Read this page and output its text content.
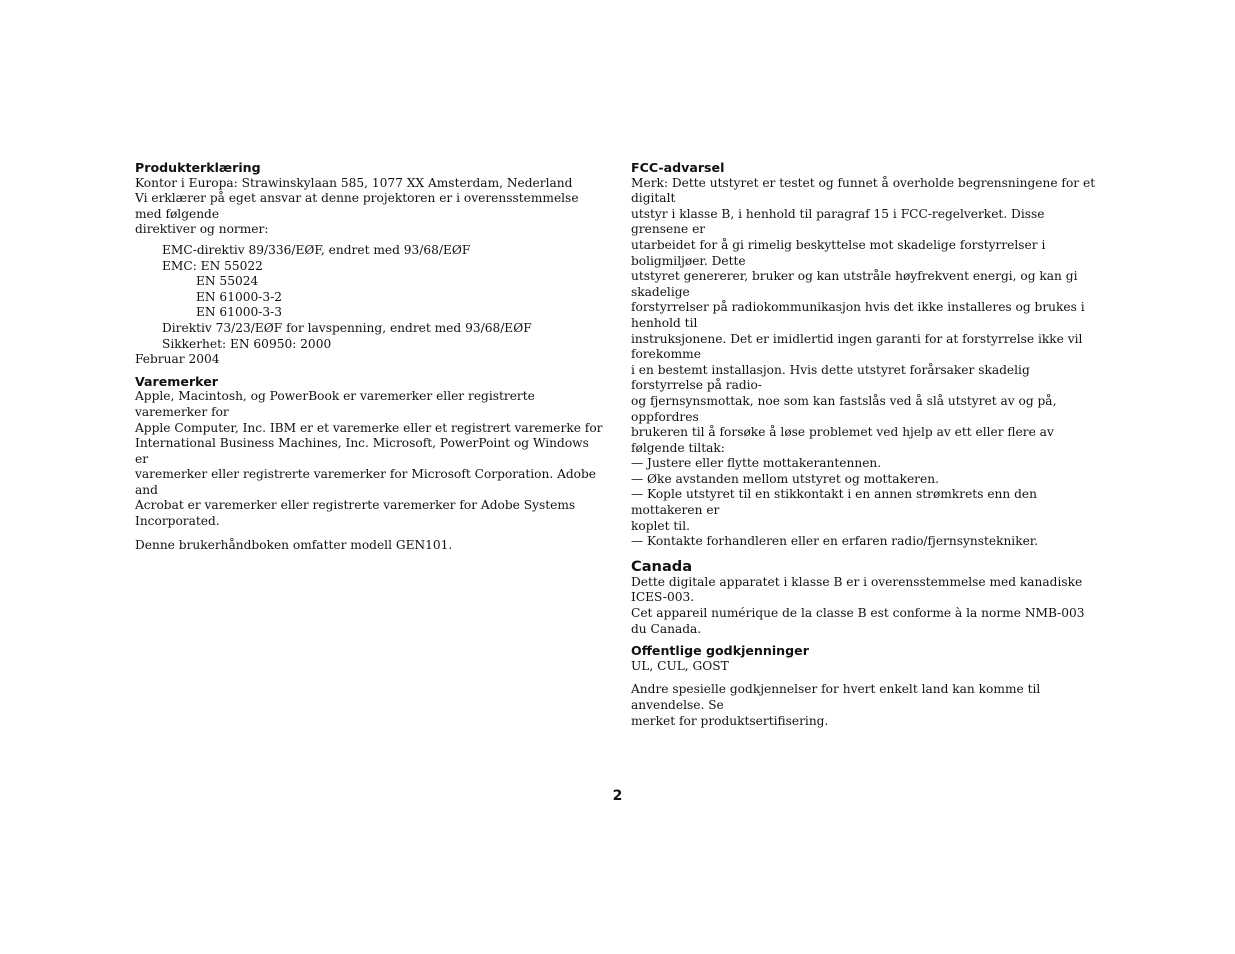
Produkterklæring

Kontor i Europa: Strawinskylaan 585, 1077 XX Amsterdam, Nederland

Vi erklærer på eget ansvar at denne projektoren er i overensstemmelse med følgende

direktiver og normer:

EMC-direktiv 89/336/EØF, endret med 93/68/EØF

EMC: EN 55022

EN 55024

EN 61000-3-2

EN 61000-3-3

Direktiv 73/23/EØF for lavspenning, endret med 93/68/EØF

Sikkerhet: EN 60950: 2000

Februar 2004

Varemerker

Apple, Macintosh, og PowerBook er varemerker eller registrerte varemerker for

Apple Computer, Inc. IBM er et varemerke eller et registrert varemerke for

International Business Machines, Inc. Microsoft, PowerPoint og Windows er

varemerker eller registrerte varemerker for Microsoft Corporation. Adobe and

Acrobat er varemerker eller registrerte varemerker for Adobe Systems Incorporated.

Denne brukerhåndboken omfatter modell GEN101.

FCC-advarsel

Merk: Dette utstyret er testet og funnet å overholde begrensningene for et digitalt

utstyr i klasse B, i henhold til paragraf 15 i FCC-regelverket. Disse grensene er

utarbeidet for å gi rimelig beskyttelse mot skadelige forstyrrelser i boligmiljøer. Dette

utstyret genererer, bruker og kan utstråle høyfrekvent energi, og kan gi skadelige

forstyrrelser på radiokommunikasjon hvis det ikke installeres og brukes i henhold til

instruksjonene. Det er imidlertid ingen garanti for at forstyrrelse ikke vil forekomme

i en bestemt installasjon. Hvis dette utstyret forårsaker skadelig forstyrrelse på radio-

og fjernsynsmottak, noe som kan fastslås ved å slå utstyret av og på, oppfordres

brukeren til å forsøke å løse problemet ved hjelp av ett eller flere av følgende tiltak:

— Justere eller flytte mottakerantennen.

— Øke avstanden mellom utstyret og mottakeren.

— Kople utstyret til en stikkontakt i en annen strømkrets enn den mottakeren er

koplet til.

— Kontakte forhandleren eller en erfaren radio/fjernsynstekniker.

Canada

Dette digitale apparatet i klasse B er i overensstemmelse med kanadiske ICES-003.

Cet appareil numérique de la classe B est conforme à la norme NMB-003 du Canada.

Offentlige godkjenninger

UL, CUL, GOST

Andre spesielle godkjennelser for hvert enkelt land kan komme til anvendelse. Se

merket for produktsertifisering.

2
